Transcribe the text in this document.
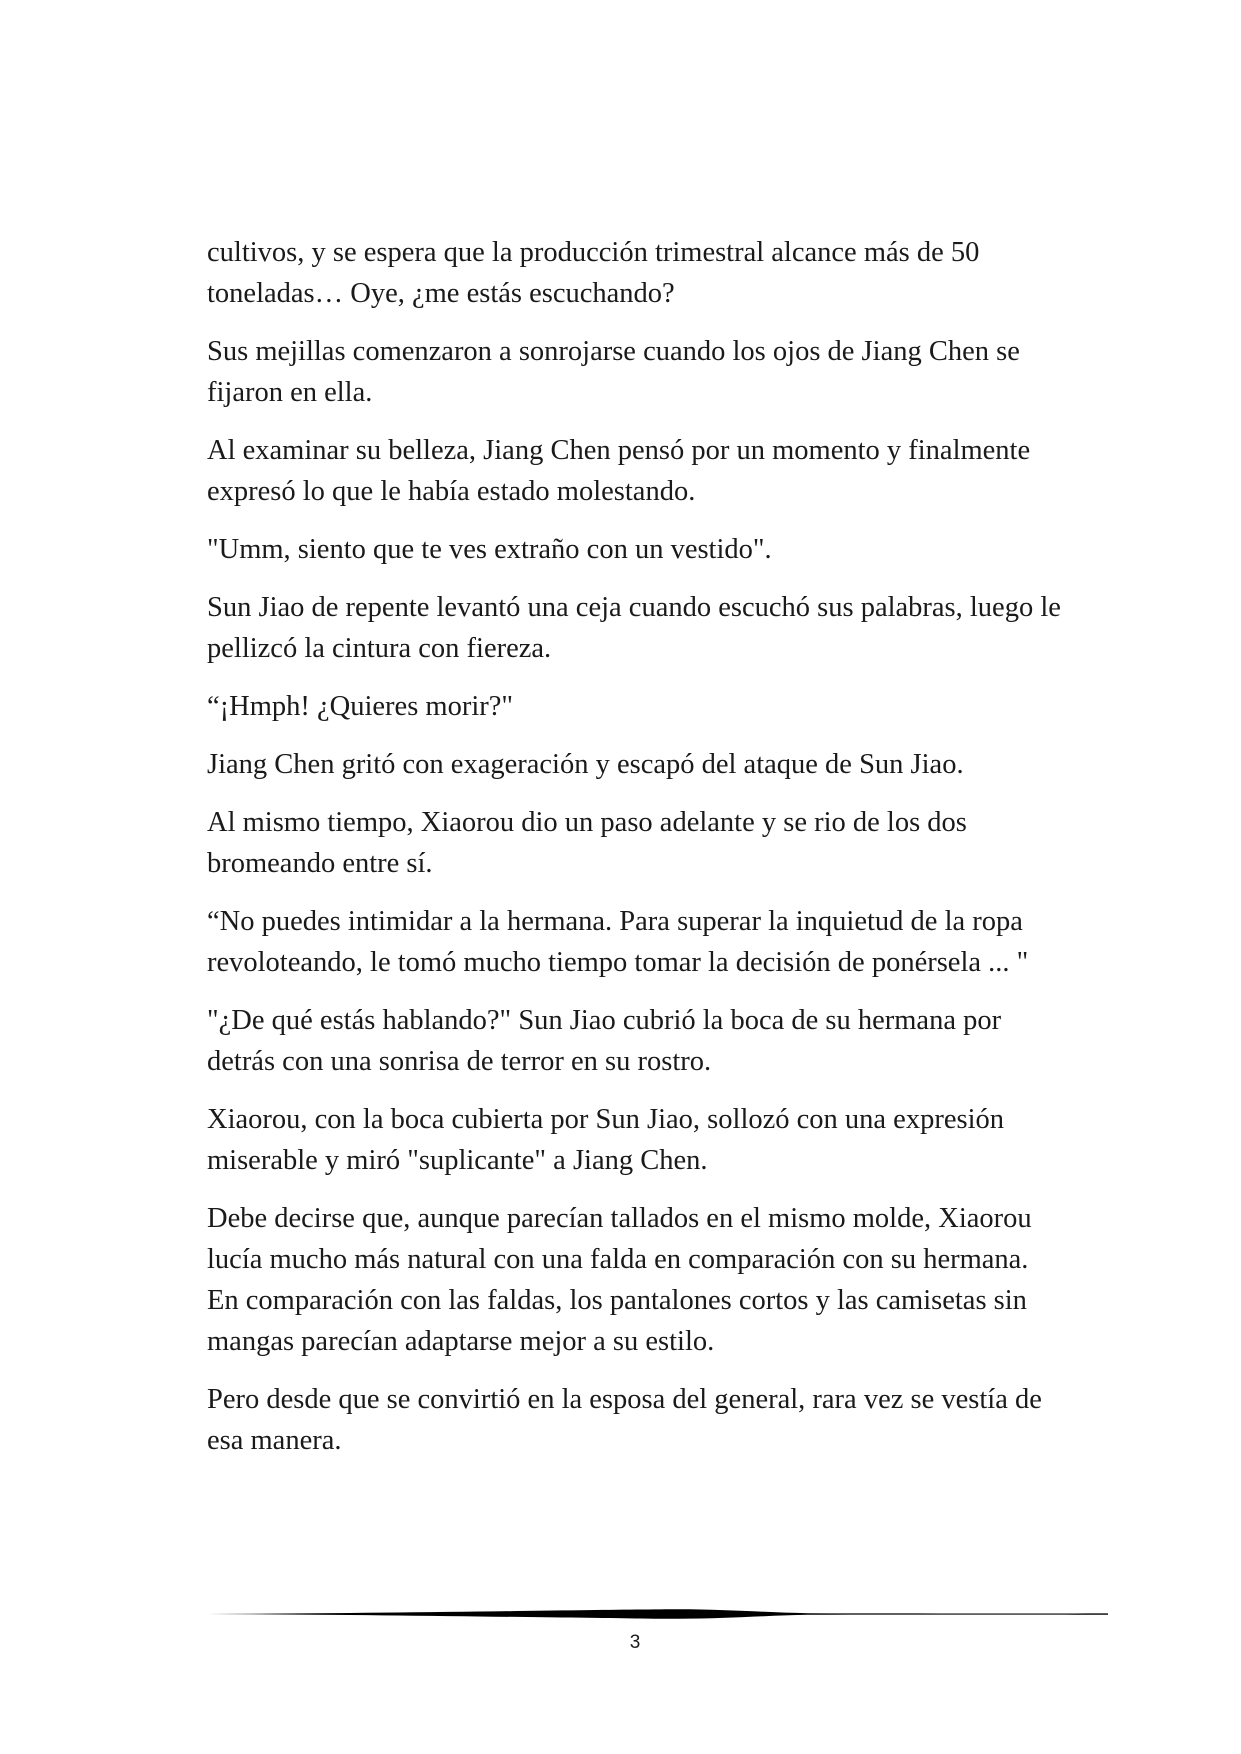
cultivos, y se espera que la producción trimestral alcance más de 50 toneladas… Oye, ¿me estás escuchando?

Sus mejillas comenzaron a sonrojarse cuando los ojos de Jiang Chen se fijaron en ella.

Al examinar su belleza, Jiang Chen pensó por un momento y finalmente expresó lo que le había estado molestando.

"Umm, siento que te ves extraño con un vestido".

Sun Jiao de repente levantó una ceja cuando escuchó sus palabras, luego le pellizcó la cintura con fiereza.

“¡Hmph! ¿Quieres morir?"

Jiang Chen gritó con exageración y escapó del ataque de Sun Jiao.

Al mismo tiempo, Xiaorou dio un paso adelante y se rio de los dos bromeando entre sí.

“No puedes intimidar a la hermana. Para superar la inquietud de la ropa revoloteando, le tomó mucho tiempo tomar la decisión de ponérsela ... "

"¿De qué estás hablando?" Sun Jiao cubrió la boca de su hermana por detrás con una sonrisa de terror en su rostro.

Xiaorou, con la boca cubierta por Sun Jiao, sollozó con una expresión miserable y miró "suplicante" a Jiang Chen.

Debe decirse que, aunque parecían tallados en el mismo molde, Xiaorou lucía mucho más natural con una falda en comparación con su hermana. En comparación con las faldas, los pantalones cortos y las camisetas sin mangas parecían adaptarse mejor a su estilo.

Pero desde que se convirtió en la esposa del general, rara vez se vestía de esa manera.

3
